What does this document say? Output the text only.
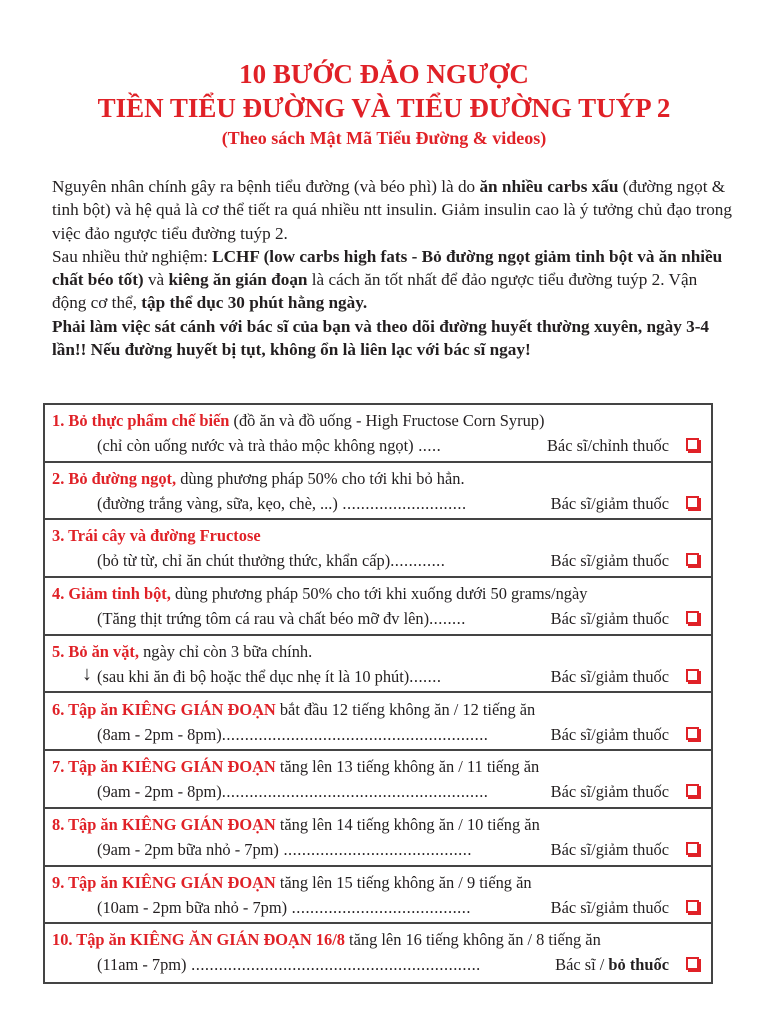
10 BƯỚC ĐẢO NGƯỢC
TIỀN TIỂU ĐƯỜNG VÀ TIỂU ĐƯỜNG TUÝP 2
(Theo sách Mật Mã Tiểu Đường & videos)

Nguyên nhân chính gây ra bệnh tiểu đường (và béo phì) là do ăn nhiều carbs xấu (đường ngọt & tinh bột) và hệ quả là cơ thể tiết ra quá nhiều ntt insulin. Giảm insulin cao là ý tưởng chủ đạo trong việc đảo ngược tiểu đường tuýp 2.

Sau nhiều thử nghiệm: LCHF (low carbs high fats - Bỏ đường ngọt giảm tinh bột và ăn nhiều chất béo tốt) và kiêng ăn gián đoạn là cách ăn tốt nhất để đảo ngược tiểu đường tuýp 2. Vận động cơ thể, tập thể dục 30 phút hằng ngày.

Phải làm việc sát cánh với bác sĩ của bạn và theo dõi đường huyết thường xuyên, ngày 3-4 lần!! Nếu đường huyết bị tụt, không ổn là liên lạc với bác sĩ ngay!

1. Bỏ thực phẩm chế biến (đồ ăn và đồ uống - High Fructose Corn Syrup)
(chỉ còn uống nước và trà thảo mộc không ngọt) .....	Bác sĩ/chỉnh thuốc
2. Bỏ đường ngọt, dùng phương pháp 50% cho tới khi bỏ hẳn.
(đường trắng vàng, sữa, kẹo, chè, ...) ...........................	Bác sĩ/giảm thuốc
3. Trái cây và đường Fructose
(bỏ từ từ, chỉ ăn chút thưởng thức, khẩn cấp)............	Bác sĩ/giảm thuốc
4. Giảm tinh bột, dùng phương pháp 50% cho tới khi xuống dưới 50 grams/ngày
(Tăng thịt trứng tôm cá rau và chất béo mỡ đv lên)........	Bác sĩ/giảm thuốc
5. Bỏ ăn vặt, ngày chỉ còn 3 bữa chính.
↓ (sau khi ăn đi bộ hoặc thể dục nhẹ ít là 10 phút).......	Bác sĩ/giảm thuốc
6. Tập ăn KIÊNG GIÁN ĐOẠN bắt đầu 12 tiếng không ăn / 12 tiếng ăn
(8am - 2pm - 8pm)..........................................................	Bác sĩ/giảm thuốc
7. Tập ăn KIÊNG GIÁN ĐOẠN tăng lên 13 tiếng không ăn / 11 tiếng ăn
(9am - 2pm - 8pm)..........................................................	Bác sĩ/giảm thuốc
8. Tập ăn KIÊNG GIÁN ĐOẠN tăng lên 14 tiếng không ăn / 10 tiếng ăn
(9am - 2pm bữa nhỏ - 7pm) .........................................	Bác sĩ/giảm thuốc
9. Tập ăn KIÊNG GIÁN ĐOẠN tăng lên 15 tiếng không ăn / 9 tiếng ăn
(10am - 2pm bữa nhỏ - 7pm) .......................................	Bác sĩ/giảm thuốc
10. Tập ăn KIÊNG ĂN GIÁN ĐOẠN 16/8 tăng lên 16 tiếng không ăn / 8 tiếng ăn
(11am - 7pm) ...............................................................	Bác sĩ / bỏ thuốc
